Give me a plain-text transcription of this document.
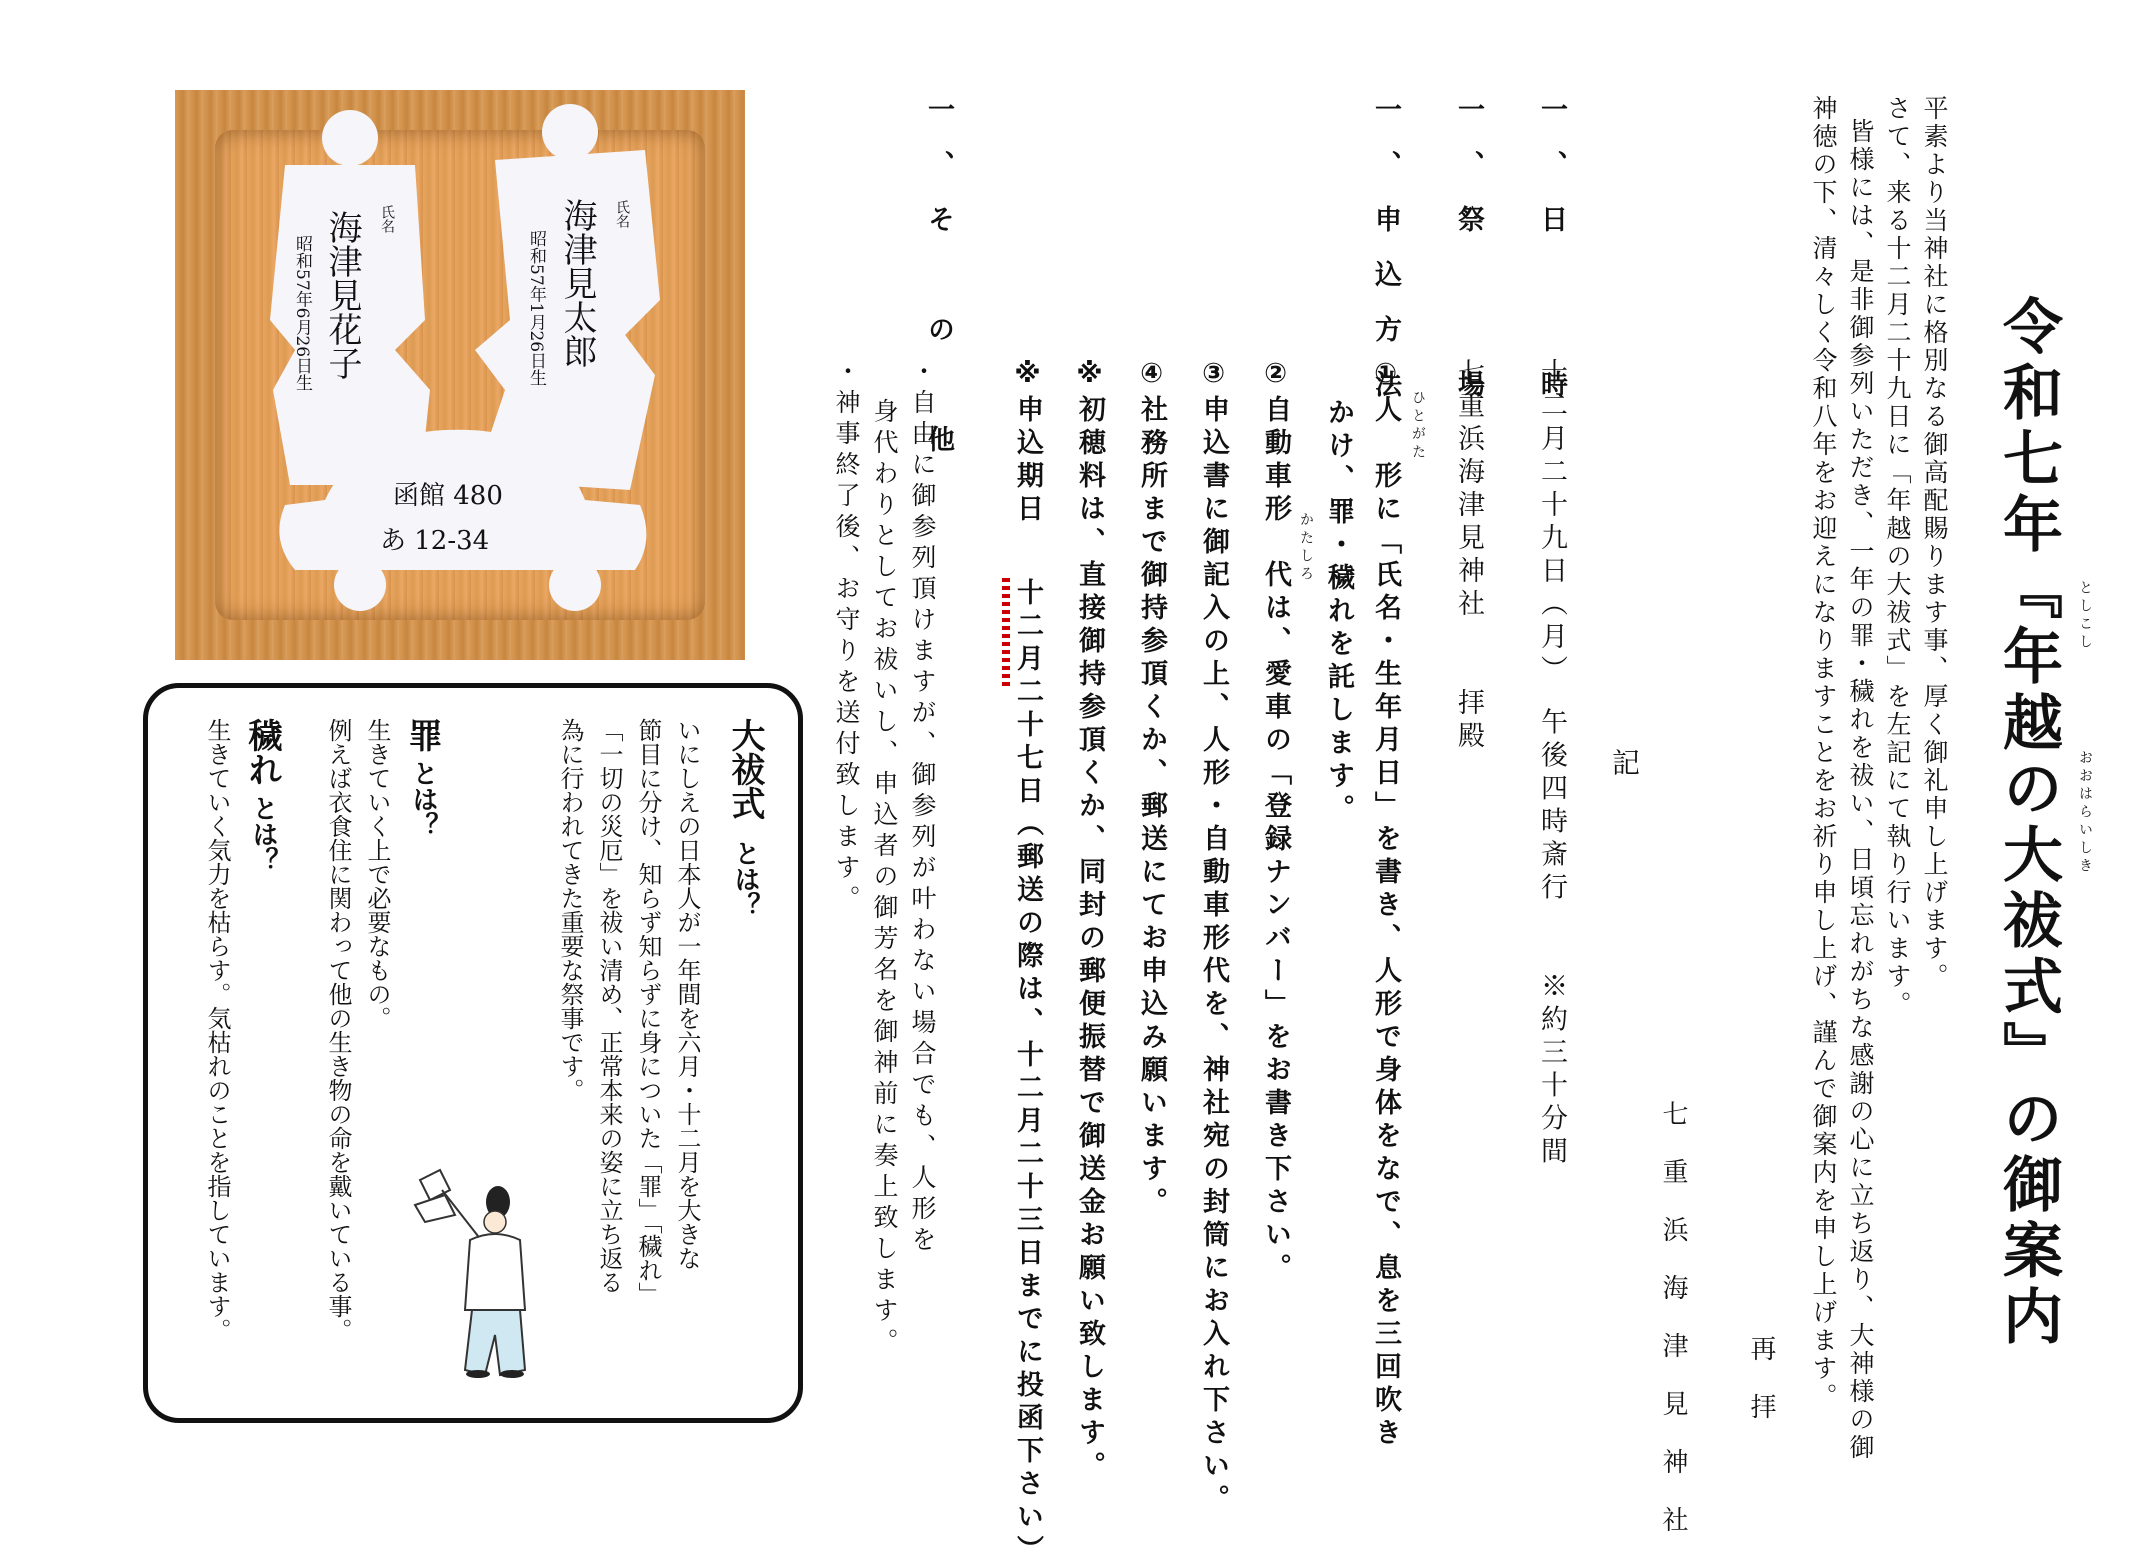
令和七年『年越の大祓式』の御案内 としこし
おおはらいしき
平素より当神社に格別なる御高配賜ります事、厚く御礼申し上げます。
さて、来る十二月二十九日に「年越の大祓式」を左記にて執り行います。
皆様には、是非御参列いただき、一年の罪・穢れを祓い、日頃忘れがちな感謝の心に立ち返り、大神様の御
神徳の下、清々しく令和八年をお迎えになりますことをお祈り申し上げ、謹んで御案内を申し上げます。
再　拝
七　重　浜　海　津　見　神　社
記
一、日　　時
十二月二十九日（月）　午後四時斎行　　※約三十分間
一、祭　　場
七重浜海津見神社　　拝殿
一、申込方法
①人　形に「氏名・生年月日」を書き、人形で身体をなで、息を三回吹き ひとがた
かけ、罪・穢れを託します。
②自動車形　代は、愛車の「登録ナンバー」をお書き下さい。 かたしろ
③申込書に御記入の上、人形・自動車形代を、神社宛の封筒にお入れ下さい。
④社務所まで御持参頂くか、郵送にてお申込み願います。
※初穂料は、直接御持参頂くか、同封の郵便振替で御送金お願い致します。
※申込期日
十二月二十七日（郵送の際は、十二月二十三日までに投函下さい）
一、そ　の　他
・自由に御参列頂けますが、御参列が叶わない場合でも、人形を
身代わりとしてお祓いし、申込者の御芳名を御神前に奏上致します。
・神事終了後、お守りを送付致します。
氏名
海津見花子
昭和57年6月26日生
氏名
海津見太郎
昭和57年1月26日生
函館 480
あ 12-34
大祓式
とは？
いにしえの日本人が一年間を六月・十二月を大きな
節目に分け、知らず知らずに身についた「罪」「穢れ」
「一切の災厄」を祓い清め、正常本来の姿に立ち返る
為に行われてきた重要な祭事です。
罪
とは？
生きていく上で必要なもの。
例えば衣食住に関わって他の生き物の命を戴いている事。
穢れ
とは？
生きていく気力を枯らす。気枯れのことを指しています。
